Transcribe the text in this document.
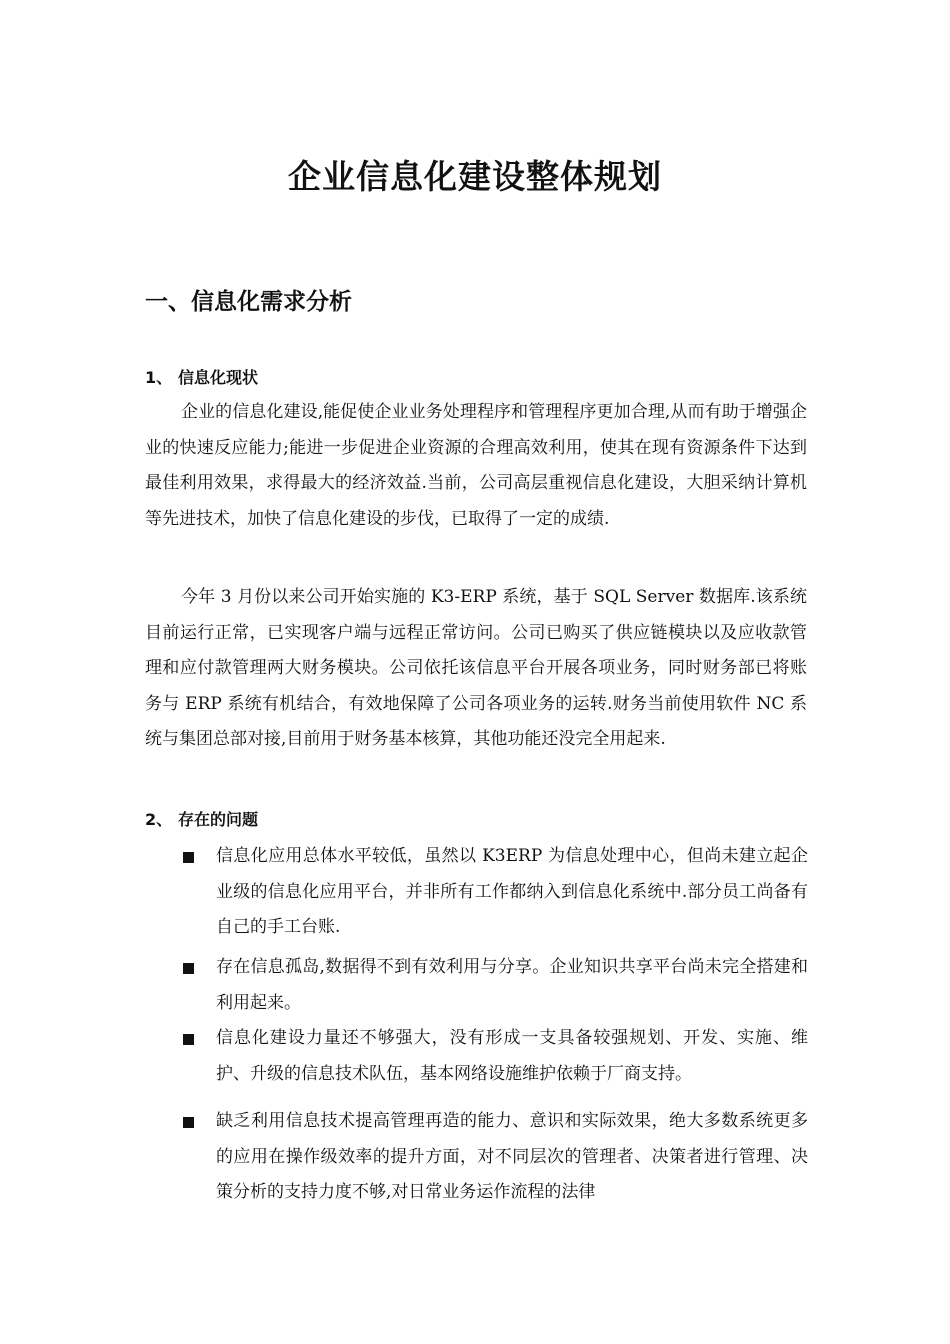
企业信息化建设整体规划
一、信息化需求分析
1、 信息化现状

企业的信息化建设,能促使企业业务处理程序和管理程序更加合理,从而有助于增强企业的快速反应能力;能进一步促进企业资源的合理高效利用，使其在现有资源条件下达到最佳利用效果，求得最大的经济效益.当前，公司高层重视信息化建设，大胆采纳计算机等先进技术，加快了信息化建设的步伐，已取得了一定的成绩.

今年 3 月份以来公司开始实施的 K3-ERP 系统，基于 SQL Server 数据库.该系统目前运行正常，已实现客户端与远程正常访问。公司已购买了供应链模块以及应收款管理和应付款管理两大财务模块。公司依托该信息平台开展各项业务，同时财务部已将账务与 ERP 系统有机结合，有效地保障了公司各项业务的运转.财务当前使用软件 NC 系统与集团总部对接,目前用于财务基本核算，其他功能还没完全用起来.

2、 存在的问题
信息化应用总体水平较低，虽然以 K3ERP 为信息处理中心，但尚未建立起企业级的信息化应用平台，并非所有工作都纳入到信息化系统中.部分员工尚备有自己的手工台账.
存在信息孤岛,数据得不到有效利用与分享。企业知识共享平台尚未完全搭建和利用起来。
信息化建设力量还不够强大，没有形成一支具备较强规划、开发、实施、维护、升级的信息技术队伍，基本网络设施维护依赖于厂商支持。
缺乏利用信息技术提高管理再造的能力、意识和实际效果，绝大多数系统更多的应用在操作级效率的提升方面，对不同层次的管理者、决策者进行管理、决策分析的支持力度不够,对日常业务运作流程的法律
